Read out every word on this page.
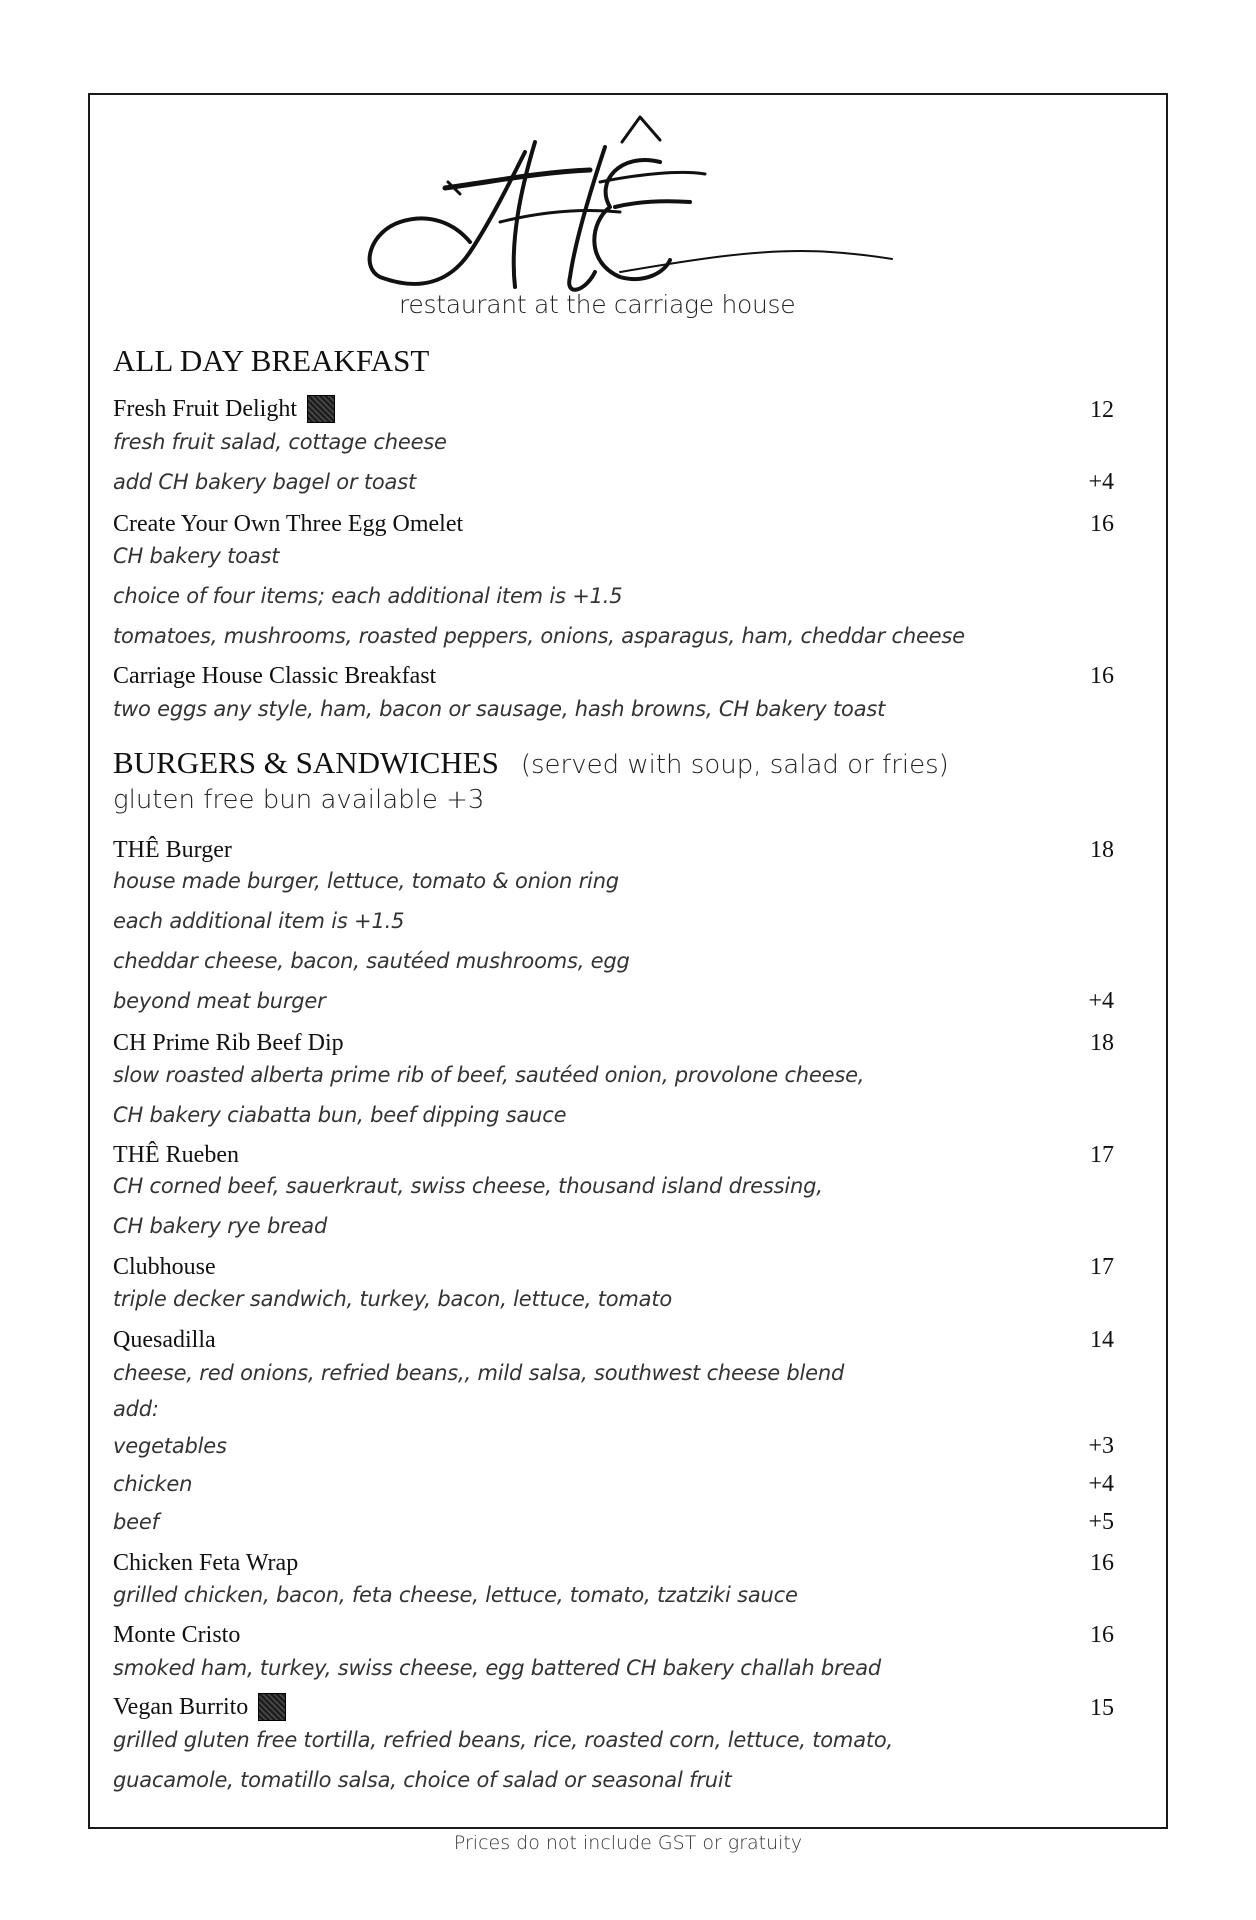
restaurant at the carriage house
ALL DAY BREAKFAST
Fresh Fruit Delight	12
fresh fruit salad, cottage cheese
add CH bakery bagel or toast	+4
Create Your Own Three Egg Omelet	16
CH bakery toast
choice of four items; each additional item is +1.5
tomatoes, mushrooms, roasted peppers, onions, asparagus, ham, cheddar cheese
Carriage House Classic Breakfast	16
two eggs any style, ham, bacon or sausage, hash browns, CH bakery toast
BURGERS & SANDWICHES (served with soup, salad or fries)
gluten free bun available +3
THÊ Burger	18
house made burger, lettuce, tomato & onion ring
each additional item is +1.5
cheddar cheese, bacon, sautéed mushrooms, egg
beyond meat burger	+4
CH Prime Rib Beef Dip	18
slow roasted alberta prime rib of beef, sautéed onion, provolone cheese,
CH bakery ciabatta bun, beef dipping sauce
THÊ Rueben	17
CH corned beef, sauerkraut, swiss cheese, thousand island dressing,
CH bakery rye bread
Clubhouse	17
triple decker sandwich, turkey, bacon, lettuce, tomato
Quesadilla	14
cheese, red onions, refried beans,, mild salsa, southwest cheese blend
add:
vegetables	+3
chicken	+4
beef	+5
Chicken Feta Wrap	16
grilled chicken, bacon, feta cheese, lettuce, tomato, tzatziki sauce
Monte Cristo	16
smoked ham, turkey, swiss cheese, egg battered CH bakery challah bread
Vegan Burrito	15
grilled gluten free tortilla, refried beans, rice, roasted corn, lettuce, tomato,
guacamole, tomatillo salsa, choice of salad or seasonal fruit
Prices do not include GST or gratuity
